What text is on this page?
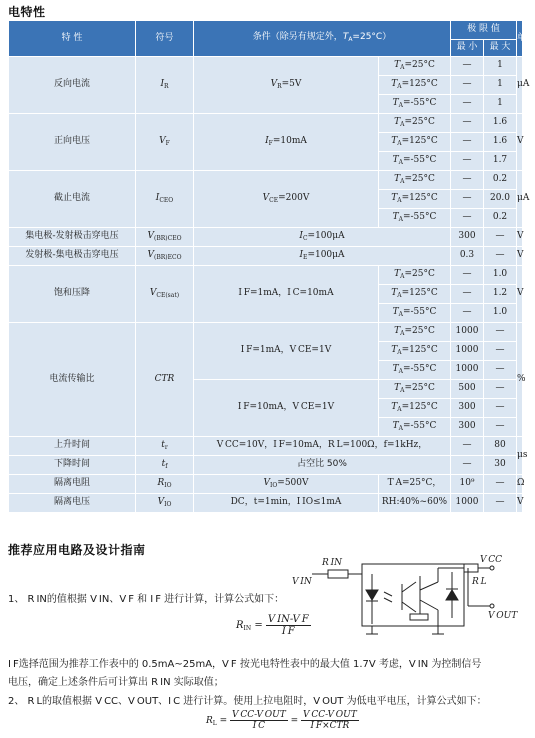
电特性
特 性	符号	条件（除另有规定外，$T_A=25^\circ C$）		极 限 值		单位
				最 小	最 大	
反向电流	$I_R$	$V_R=5V$	$T_A=25^\circ C$	—	1	μA
			$T_A=125^\circ C$	—	1	
			$T_A=-55^\circ C$	—	1	
正向电压	$V_F$	$I_F=10mA$	$T_A=25^\circ C$	—	1.6	V
			$T_A=125^\circ C$	—	1.6	
			$T_A=-55^\circ C$	—	1.7	
截止电流	$I_{CEO}$	$V_{CE}=200V$	$T_A=25^\circ C$	—	0.2	μA
			$T_A=125^\circ C$	—	20.0	
			$T_A=-55^\circ C$	—	0.2	
集电极-发射极击穿电压	$V_{(BR)CEO}$	$I_C=100\mu A$		300	—	V
发射极-集电极击穿电压	$V_{(BR)ECO}$	$I_E=100\mu A$		0.3	—	V
饱和压降	$V_{CE(sat)}$	I F=1mA，I C=10mA	$T_A=25^\circ C$	—	1.0	V
			$T_A=125^\circ C$	—	1.2	
			$T_A=-55^\circ C$	—	1.0	
电流传输比	CTR	I F=1mA，V CE=1V	$T_A=25^\circ C$	1000	—	%
			$T_A=125^\circ C$	1000	—	
			$T_A=-55^\circ C$	1000	—	
		I F=10mA，V CE=1V	$T_A=25^\circ C$	500	—	
			$T_A=125^\circ C$	300	—	
			$T_A=-55^\circ C$	300	—	
上升时间	$t_r$	V CC=10V，I F=10mA，R L=100Ω，f=1kHz，		—	80	μs
下降时间	$t_f$	占空比 50%		—	30	
隔离电阻	$R_{IO}$	$V_{IO}=500V$	T A=25°C，	10⁹	—	Ω
隔离电压	$V_{IO}$	DC，t=1min，I IO≤1mA	RH:40%~60%	1000	—	V
推荐应用电路及设计指南
1、 R IN的值根据 V IN、V F 和 I F 进行计算，计算公式如下：
$R_{IN} = \frac{\text{V IN-V F}}{\text{I F}}$
I F选择范围为推荐工作表中的 0.5mA~25mA，V F 按光电特性表中的最大值 1.7V 考虑，V IN 为控制信号
电压，确定上述条件后可计算出 R IN 实际取值；
2、 R L的取值根据 V CC、V OUT、I C 进行计算。使用上拉电阻时，V OUT 为低电平电压，计算公式如下：
$R_L = \frac{\text{V CC-V OUT}}{\text{I C}} = \frac{\text{V CC-V OUT}}{\text{I F×CTR}}$
R IN
V IN
V CC
R L
V OUT
